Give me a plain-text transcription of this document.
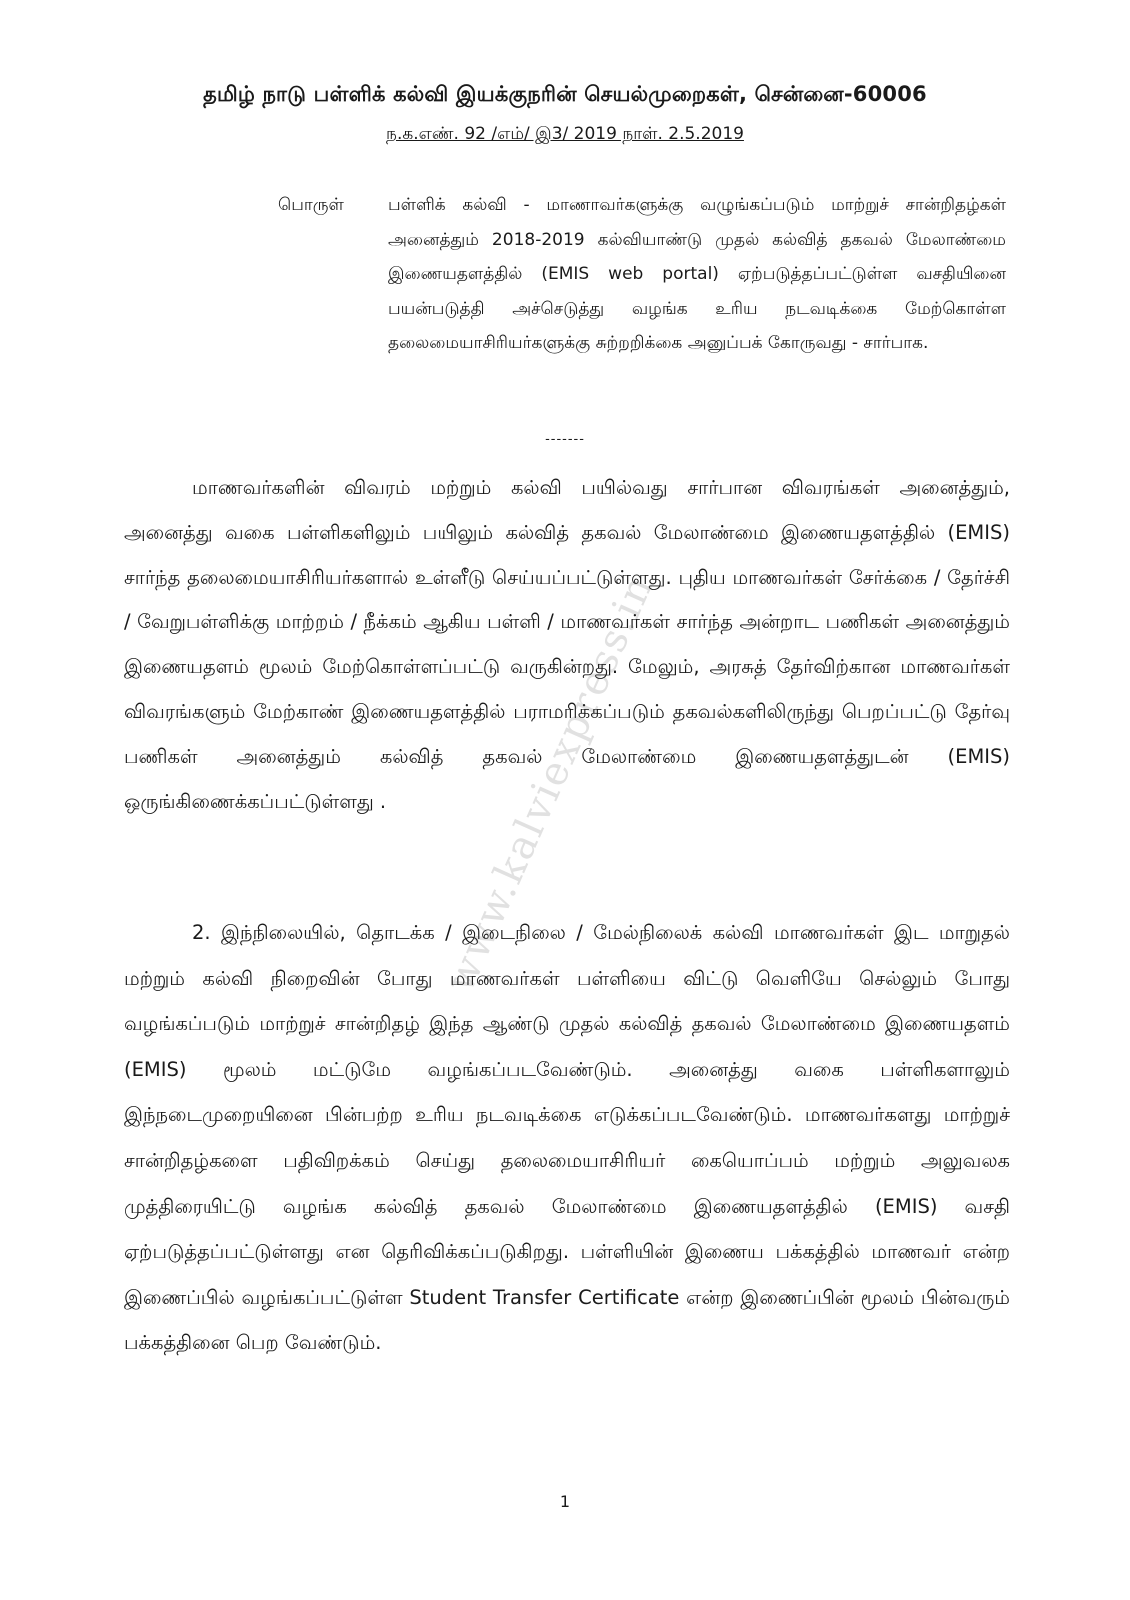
தமிழ் நாடு பள்ளிக் கல்வி இயக்குநரின் செயல்முறைகள், சென்னை-60006
ந.க.எண். 92 /எம்/ இ3/ 2019 நாள். 2.5.2019
பொருள்	பள்ளிக் கல்வி - மாணாவர்களுக்கு வழுங்கப்படும் மாற்றுச் சான்றிதழ்கள் அனைத்தும் 2018-2019 கல்வியாண்டு முதல் கல்வித் தகவல் மேலாண்மை இணையதளத்தில் (EMIS web portal) ஏற்படுத்தப்பட்டுள்ள வசதியினை பயன்படுத்தி அச்செடுத்து வழங்க உரிய நடவடிக்கை மேற்கொள்ள தலைமையாசிரியர்களுக்கு சுற்றறிக்கை அனுப்பக் கோருவது - சார்பாக.
-------
மாணவர்களின் விவரம் மற்றும் கல்வி பயில்வது சார்பான விவரங்கள் அனைத்தும், அனைத்து வகை பள்ளிகளிலும் பயிலும் கல்வித் தகவல் மேலாண்மை இணையதளத்தில் (EMIS) சார்ந்த தலைமையாசிரியர்களால் உள்ளீடு செய்யப்பட்டுள்ளது. புதிய மாணவர்கள் சேர்க்கை / தேர்ச்சி / வேறுபள்ளிக்கு மாற்றம் / நீக்கம் ஆகிய பள்ளி / மாணவர்கள் சார்ந்த அன்றாட பணிகள் அனைத்தும் இணையதளம் மூலம் மேற்கொள்ளப்பட்டு வருகின்றது. மேலும், அரசுத் தேர்விற்கான மாணவர்கள் விவரங்களும் மேற்காண் இணையதளத்தில் பராமரிக்கப்படும் தகவல்களிலிருந்து பெறப்பட்டு தேர்வு பணிகள் அனைத்தும் கல்வித் தகவல் மேலாண்மை இணையதளத்துடன் (EMIS) ஒருங்கிணைக்கப்பட்டுள்ளது .
2. இந்நிலையில், தொடக்க / இடைநிலை / மேல்நிலைக் கல்வி மாணவர்கள் இட மாறுதல் மற்றும் கல்வி நிறைவின் போது மாணவர்கள் பள்ளியை விட்டு வெளியே செல்லும் போது வழங்கப்படும் மாற்றுச் சான்றிதழ் இந்த ஆண்டு முதல் கல்வித் தகவல் மேலாண்மை இணையதளம் (EMIS) மூலம் மட்டுமே வழங்கப்படவேண்டும். அனைத்து வகை பள்ளிகளாலும் இந்நடைமுறையினை பின்பற்ற உரிய நடவடிக்கை எடுக்கப்படவேண்டும். மாணவர்களது மாற்றுச் சான்றிதழ்களை பதிவிறக்கம் செய்து தலைமையாசிரியர் கையொப்பம் மற்றும் அலுவலக முத்திரையிட்டு வழங்க கல்வித் தகவல் மேலாண்மை இணையதளத்தில் (EMIS) வசதி ஏற்படுத்தப்பட்டுள்ளது என தெரிவிக்கப்படுகிறது. பள்ளியின் இணைய பக்கத்தில் மாணவர் என்ற இணைப்பில் வழங்கப்பட்டுள்ள Student Transfer Certificate என்ற இணைப்பின் மூலம் பின்வரும் பக்கத்தினை பெற வேண்டும்.
www.kalviexpress.in
1
